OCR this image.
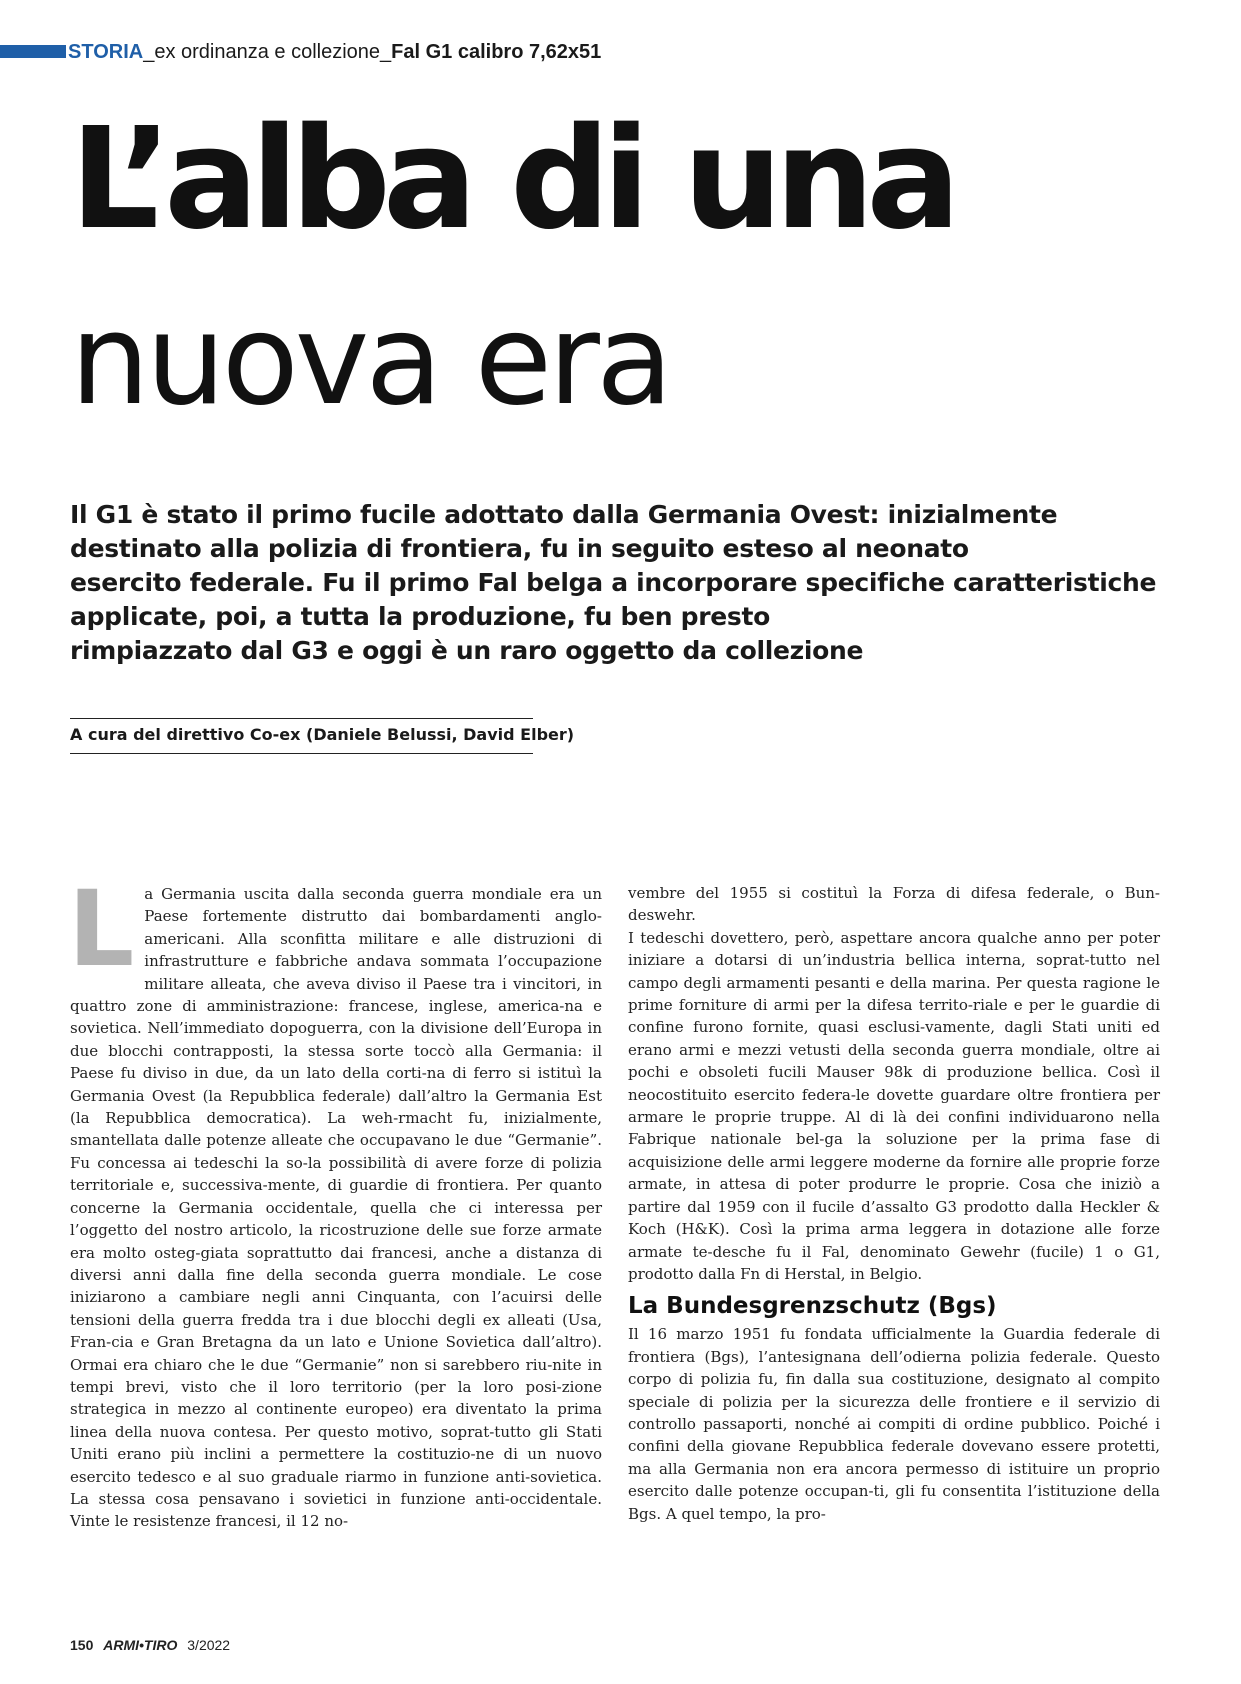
STORIA_ex ordinanza e collezione_Fal G1 calibro 7,62x51
L’alba di una
nuova era
Il G1 è stato il primo fucile adottato dalla Germania Ovest: inizialmente
destinato alla polizia di frontiera, fu in seguito esteso al neonato
esercito federale. Fu il primo Fal belga a incorporare specifiche caratteristiche
applicate, poi, a tutta la produzione, fu ben presto
rimpiazzato dal G3 e oggi è un raro oggetto da collezione
A cura del direttivo Co-ex (Daniele Belussi, David Elber)
L a Germania uscita dalla seconda guerra mondiale era un Paese fortemente distrutto dai bombardamenti anglo-americani. Alla sconfitta militare e alle distruzioni di infrastrutture e fabbriche andava sommata l’occupazione militare alleata, che aveva diviso il Paese tra i vincitori, in quattro zone di amministrazione: francese, inglese, america-na e sovietica. Nell’immediato dopoguerra, con la divisione dell’Europa in due blocchi contrapposti, la stessa sorte toccò alla Germania: il Paese fu diviso in due, da un lato della corti-na di ferro si istituì la Germania Ovest (la Repubblica federale) dall’altro la Germania Est (la Repubblica democratica). La weh-rmacht fu, inizialmente, smantellata dalle potenze alleate che occupavano le due “Germanie”. Fu concessa ai tedeschi la so-la possibilità di avere forze di polizia territoriale e, successiva-mente, di guardie di frontiera. Per quanto concerne la Germania occidentale, quella che ci interessa per l’oggetto del nostro articolo, la ricostruzione delle sue forze armate era molto osteg-giata soprattutto dai francesi, anche a distanza di diversi anni dalla fine della seconda guerra mondiale. Le cose iniziarono a cambiare negli anni Cinquanta, con l’acuirsi delle tensioni della guerra fredda tra i due blocchi degli ex alleati (Usa, Fran-cia e Gran Bretagna da un lato e Unione Sovietica dall’altro). Ormai era chiaro che le due “Germanie” non si sarebbero riu-nite in tempi brevi, visto che il loro territorio (per la loro posi-zione strategica in mezzo al continente europeo) era diventato la prima linea della nuova contesa. Per questo motivo, soprat-tutto gli Stati Uniti erano più inclini a permettere la costituzio-ne di un nuovo esercito tedesco e al suo graduale riarmo in funzione anti-sovietica. La stessa cosa pensavano i sovietici in funzione anti-occidentale. Vinte le resistenze francesi, il 12 no-

vembre del 1955 si costituì la Forza di difesa federale, o Bun-deswehr.

I tedeschi dovettero, però, aspettare ancora qualche anno per poter iniziare a dotarsi di un’industria bellica interna, soprat-tutto nel campo degli armamenti pesanti e della marina. Per questa ragione le prime forniture di armi per la difesa territo-riale e per le guardie di confine furono fornite, quasi esclusi-vamente, dagli Stati uniti ed erano armi e mezzi vetusti della seconda guerra mondiale, oltre ai pochi e obsoleti fucili Mauser 98k di produzione bellica. Così il neocostituito esercito federa-le dovette guardare oltre frontiera per armare le proprie truppe. Al di là dei confini individuarono nella Fabrique nationale bel-ga la soluzione per la prima fase di acquisizione delle armi leggere moderne da fornire alle proprie forze armate, in attesa di poter produrre le proprie. Cosa che iniziò a partire dal 1959 con il fucile d’assalto G3 prodotto dalla Heckler & Koch (H&K). Così la prima arma leggera in dotazione alle forze armate te-desche fu il Fal, denominato Gewehr (fucile) 1 o G1, prodotto dalla Fn di Herstal, in Belgio.

La Bundesgrenzschutz (Bgs)

Il 16 marzo 1951 fu fondata ufficialmente la Guardia federale di frontiera (Bgs), l’antesignana dell’odierna polizia federale. Questo corpo di polizia fu, fin dalla sua costituzione, designato al compito speciale di polizia per la sicurezza delle frontiere e il servizio di controllo passaporti, nonché ai compiti di ordine pubblico. Poiché i confini della giovane Repubblica federale dovevano essere protetti, ma alla Germania non era ancora permesso di istituire un proprio esercito dalle potenze occupan-ti, gli fu consentita l’istituzione della Bgs. A quel tempo, la pro-

150 ARMI•TIRO 3/2022
